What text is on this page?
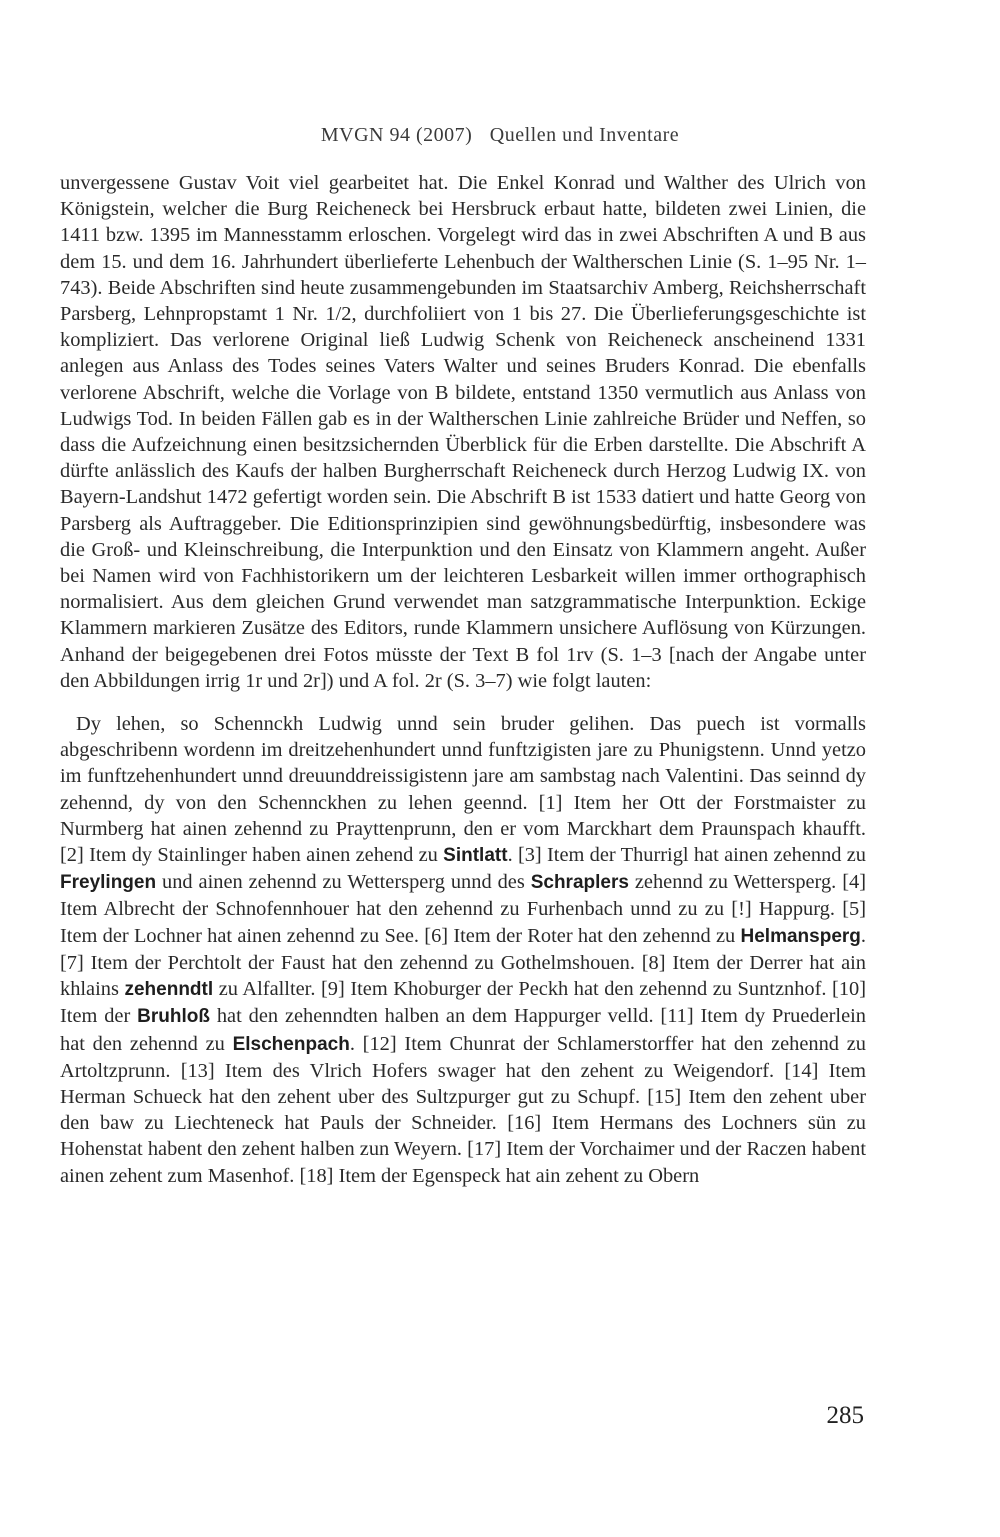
MVGN 94 (2007) Quellen und Inventare

unvergessene Gustav Voit viel gearbeitet hat. Die Enkel Konrad und Walther des Ulrich von Königstein, welcher die Burg Reicheneck bei Hersbruck erbaut hatte, bildeten zwei Linien, die 1411 bzw. 1395 im Mannesstamm erloschen. Vorgelegt wird das in zwei Abschriften A und B aus dem 15. und dem 16. Jahrhundert überlieferte Lehenbuch der Waltherschen Linie (S. 1–95 Nr. 1–743). Beide Abschriften sind heute zusammengebunden im Staatsarchiv Amberg, Reichsherrschaft Parsberg, Lehnpropstamt 1 Nr. 1/2, durchfoliiert von 1 bis 27. Die Überlieferungsgeschichte ist kompliziert. Das verlorene Original ließ Ludwig Schenk von Reicheneck anscheinend 1331 anlegen aus Anlass des Todes seines Vaters Walter und seines Bruders Konrad. Die ebenfalls verlorene Abschrift, welche die Vorlage von B bildete, entstand 1350 vermutlich aus Anlass von Ludwigs Tod. In beiden Fällen gab es in der Waltherschen Linie zahlreiche Brüder und Neffen, so dass die Aufzeichnung einen besitzsichernden Überblick für die Erben darstellte. Die Abschrift A dürfte anlässlich des Kaufs der halben Burgherrschaft Reicheneck durch Herzog Ludwig IX. von Bayern-Landshut 1472 gefertigt worden sein. Die Abschrift B ist 1533 datiert und hatte Georg von Parsberg als Auftraggeber. Die Editionsprinzipien sind gewöhnungsbedürftig, insbesondere was die Groß- und Kleinschreibung, die Interpunktion und den Einsatz von Klammern angeht. Außer bei Namen wird von Fachhistorikern um der leichteren Lesbarkeit willen immer orthographisch normalisiert. Aus dem gleichen Grund verwendet man satzgrammatische Interpunktion. Eckige Klammern markieren Zusätze des Editors, runde Klammern unsichere Auflösung von Kürzungen. Anhand der beigegebenen drei Fotos müsste der Text B fol 1rv (S. 1–3 [nach der Angabe unter den Abbildungen irrig 1r und 2r]) und A fol. 2r (S. 3–7) wie folgt lauten:

Dy lehen, so Schennckh Ludwig unnd sein bruder gelihen. Das puech ist vormalls abgeschribenn wordenn im dreitzehenhundert unnd funftzigisten jare zu Phunigstenn. Unnd yetzo im funftzehenhundert unnd dreuunddreissigistenn jare am sambstag nach Valentini. Das seinnd dy zehennd, dy von den Schennckhen zu lehen geennd. [1] Item her Ott der Forstmaister zu Nurmberg hat ainen zehennd zu Prayttenprunn, den er vom Marckhart dem Praunspach khaufft. [2] Item dy Stainlinger haben ainen zehend zu Sintlatt. [3] Item der Thurrigl hat ainen zehennd zu Freylingen und ainen zehennd zu Wettersperg unnd des Schraplers zehennd zu Wettersperg. [4] Item Albrecht der Schnofennhouer hat den zehennd zu Furhenbach unnd zu zu [!] Happurg. [5] Item der Lochner hat ainen zehennd zu See. [6] Item der Roter hat den zehennd zu Helmansperg. [7] Item der Perchtolt der Faust hat den zehennd zu Gothelmshouen. [8] Item der Derrer hat ain khlains zehenndtl zu Alfallter. [9] Item Khoburger der Peckh hat den zehennd zu Suntznhof. [10] Item der Bruhloß hat den zehenndten halben an dem Happurger velld. [11] Item dy Pruederlein hat den zehennd zu Elschenpach. [12] Item Chunrat der Schlamerstorffer hat den zehennd zu Artoltzprunn. [13] Item des Vlrich Hofers swager hat den zehent zu Weigendorf. [14] Item Herman Schueck hat den zehent uber des Sultzpurger gut zu Schupf. [15] Item den zehent uber den baw zu Liechteneck hat Pauls der Schneider. [16] Item Hermans des Lochners sün zu Hohenstat habent den zehent halben zun Weyern. [17] Item der Vorchaimer und der Raczen habent ainen zehent zum Masenhof. [18] Item der Egenspeck hat ain zehent zu Obern

285
